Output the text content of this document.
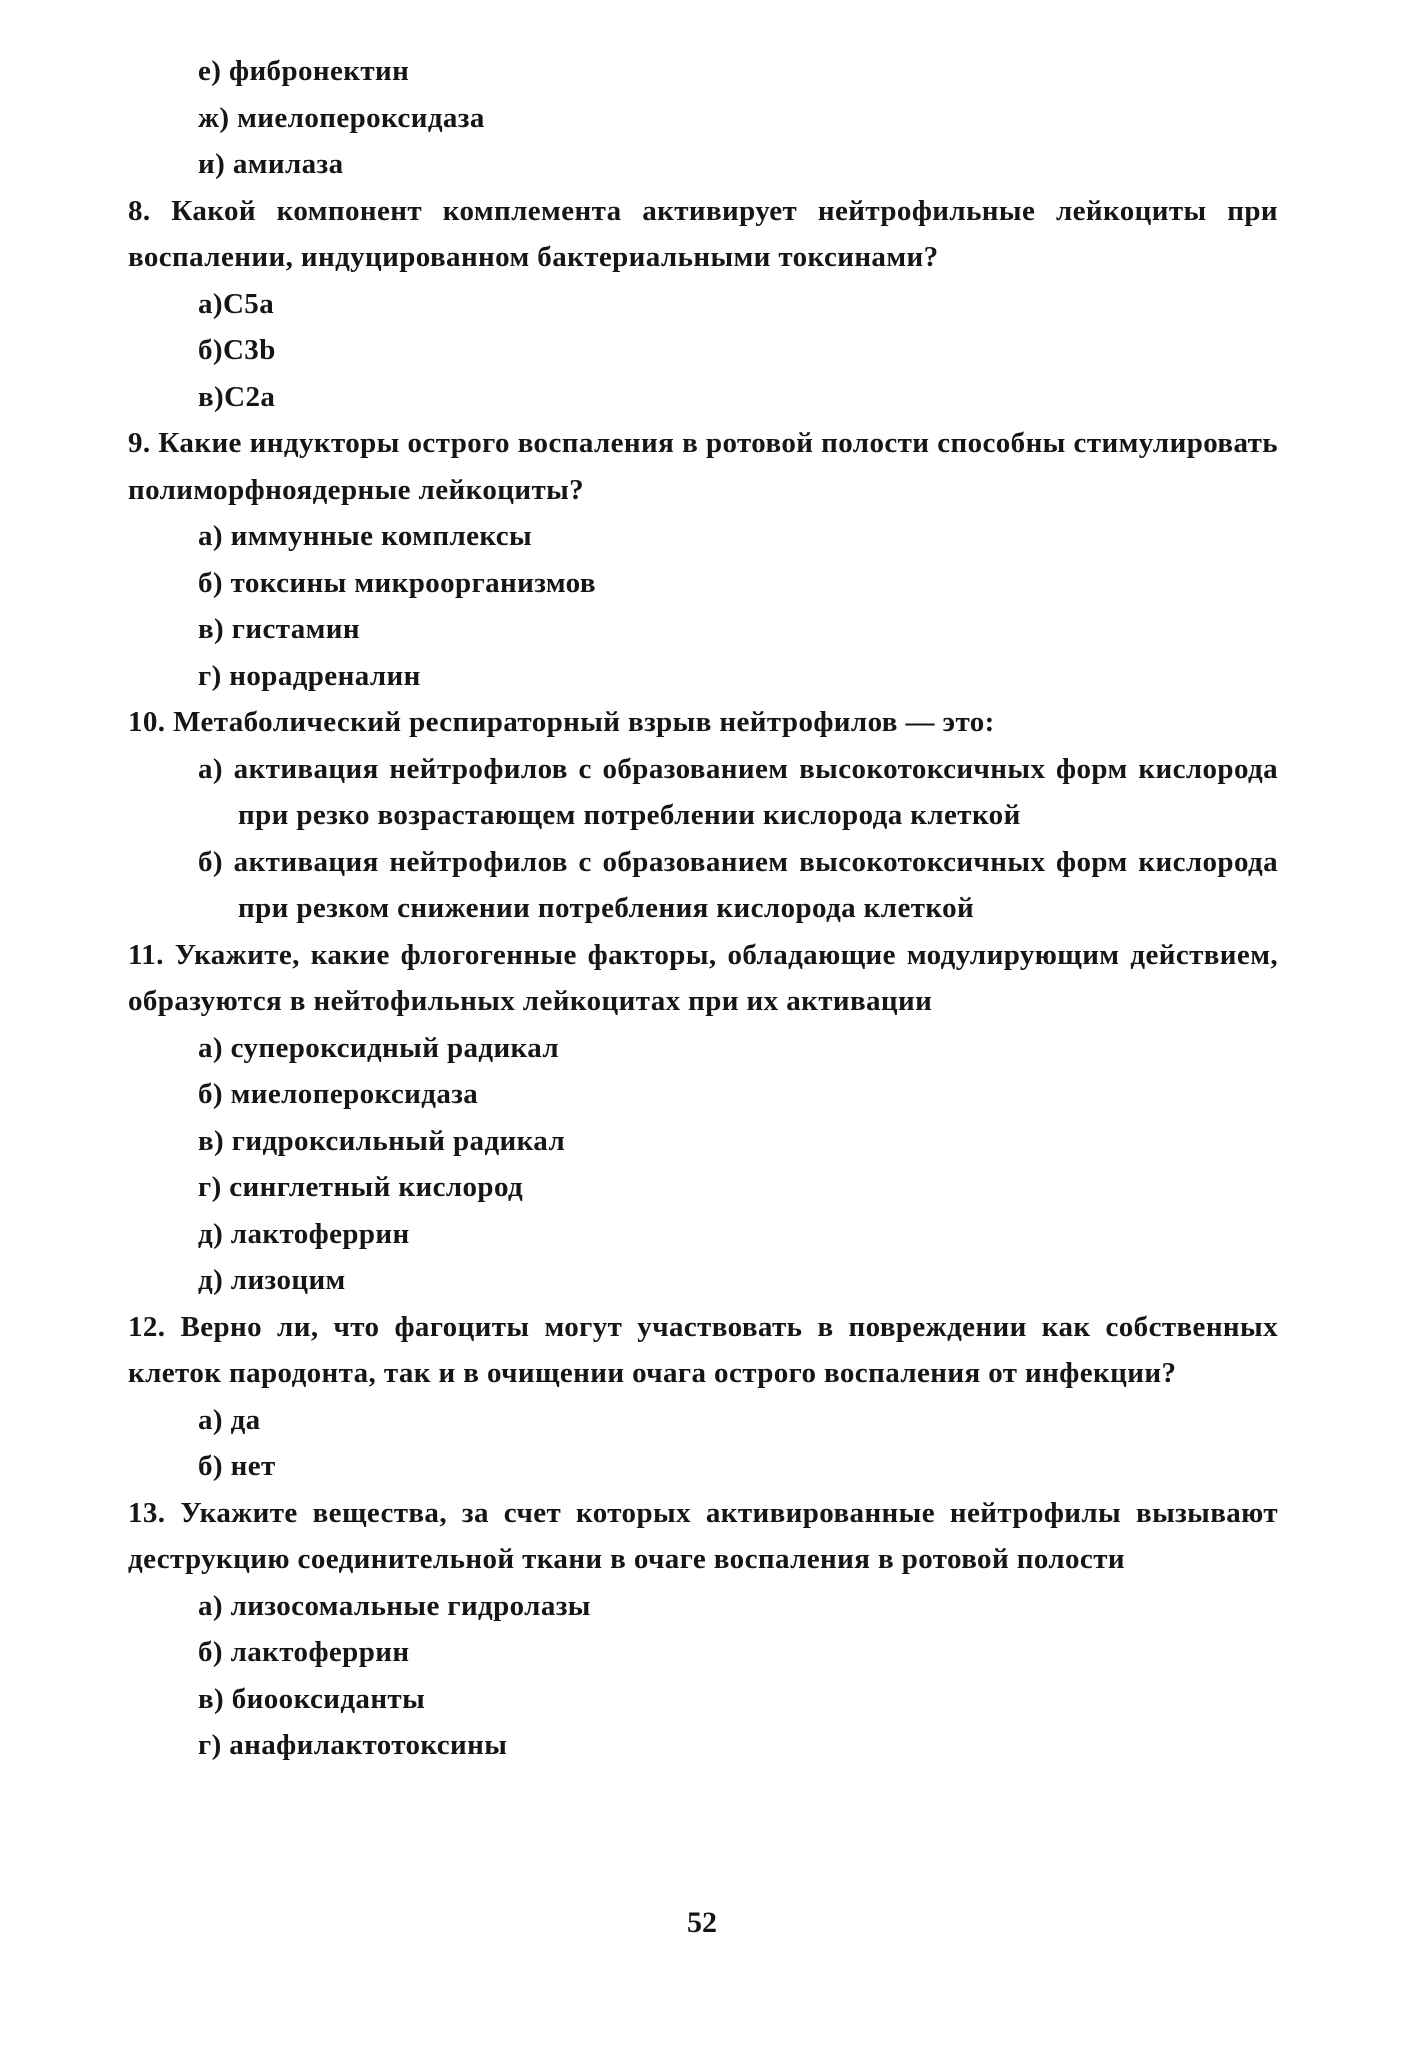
е) фибронектин
ж) миелопероксидаза
и) амилаза
8. Какой компонент комплемента активирует нейтрофильные лейкоциты при воспалении, индуцированном бактериальными токсинами?
а)С5а
б)С3b
в)С2а
9. Какие индукторы острого воспаления в ротовой полости способны стимулировать полиморфноядерные лейкоциты?
а) иммунные комплексы
б) токсины микроорганизмов
в) гистамин
г) норадреналин
10. Метаболический респираторный взрыв нейтрофилов — это:
а) активация нейтрофилов с образованием высокотоксичных форм кислорода при резко возрастающем потреблении кислорода клеткой
б) активация нейтрофилов с образованием высокотоксичных форм кислорода при резком снижении потребления кислорода клеткой
11. Укажите, какие флогогенные факторы, обладающие модулирующим действием, образуются в нейтофильных лейкоцитах при их активации
а) супероксидный радикал
б) миелопероксидаза
в) гидроксильный радикал
г) синглетный кислород
д) лактоферрин
д) лизоцим
12. Верно ли, что фагоциты могут участвовать в повреждении как собственных клеток пародонта, так и в очищении очага острого воспаления от инфекции?
а) да
б) нет
13. Укажите вещества, за счет которых активированные нейтрофилы вызывают деструкцию соединительной ткани в очаге воспаления в ротовой полости
а) лизосомальные гидролазы
б) лактоферрин
в) биооксиданты
г) анафилактотоксины
52
